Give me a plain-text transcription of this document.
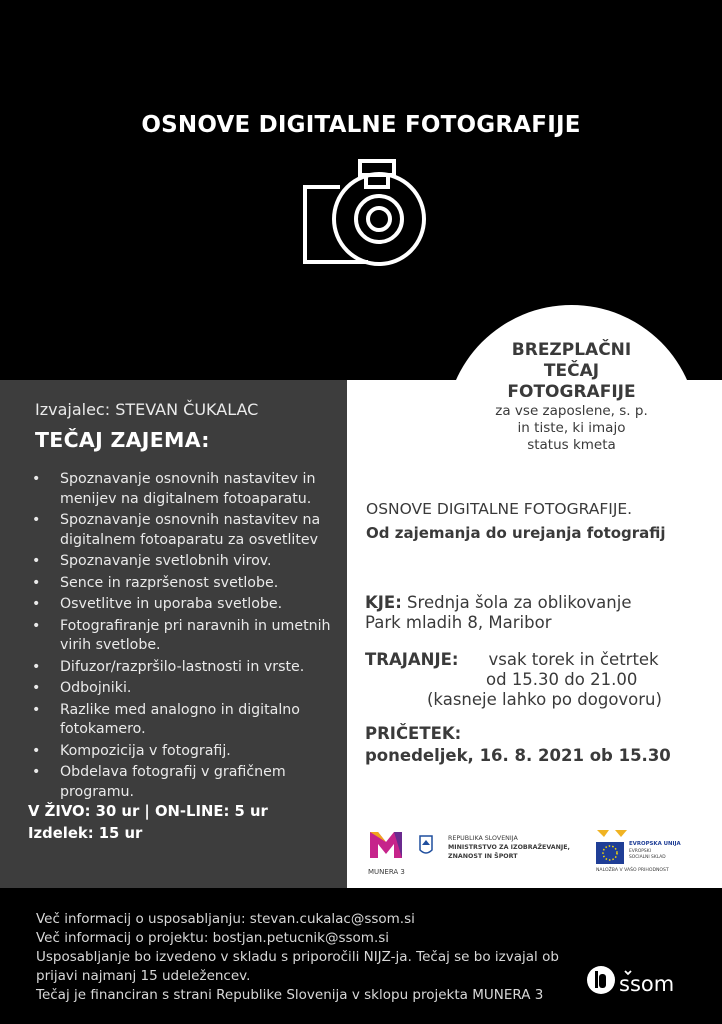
OSNOVE DIGITALNE FOTOGRAFIJE
BREZPLAČNI
TEČAJ
FOTOGRAFIJE
za vse zaposlene, s. p.
in tiste, ki imajo
status kmeta
Izvajalec: STEVAN ČUKALAC
TEČAJ ZAJEMA:
• Spoznavanje osnovnih nastavitev in menijev na digitalnem fotoaparatu.
• Spoznavanje osnovnih nastavitev na digitalnem fotoaparatu za osvetlitev
• Spoznavanje svetlobnih virov.
• Sence in razpršenost svetlobe.
• Osvetlitve in uporaba svetlobe.
• Fotografiranje pri naravnih in umetnih virih svetlobe.
• Difuzor/razpršilo-lastnosti in vrste.
• Odbojniki.
• Razlike med analogno in digitalno fotokamero.
• Kompozicija v fotografij.
• Obdelava fotografij v grafičnem programu.
V ŽIVO: 30 ur | ON-LINE: 5 ur
Izdelek: 15 ur
OSNOVE DIGITALNE FOTOGRAFIJE.
Od zajemanja do urejanja fotografij
KJE: Srednja šola za oblikovanje
Park mladih 8, Maribor
TRAJANJE: vsak torek in četrtek
od 15.30 do 21.00
(kasneje lahko po dogovoru)
PRIČETEK:
ponedeljek, 16. 8. 2021 ob 15.30
MUNERA 3
REPUBLIKA SLOVENIJA
MINISTRSTVO ZA IZOBRAŽEVANJE,
ZNANOST IN ŠPORT
EVROPSKA UNIJA
EVROPSKI
SOCIALNI SKLAD
NALOŽBA V VAŠO PRIHODNOST
Več informacij o usposabljanju: stevan.cukalac@ssom.si
Več informacij o projektu: bostjan.petucnik@ssom.si
Usposabljanje bo izvedeno v skladu s priporočili NIJZ-ja. Tečaj se bo izvajal ob
prijavi najmanj 15 udeležencev.
Tečaj je financiran s strani Republike Slovenija v sklopu projekta MUNERA 3	ssom
